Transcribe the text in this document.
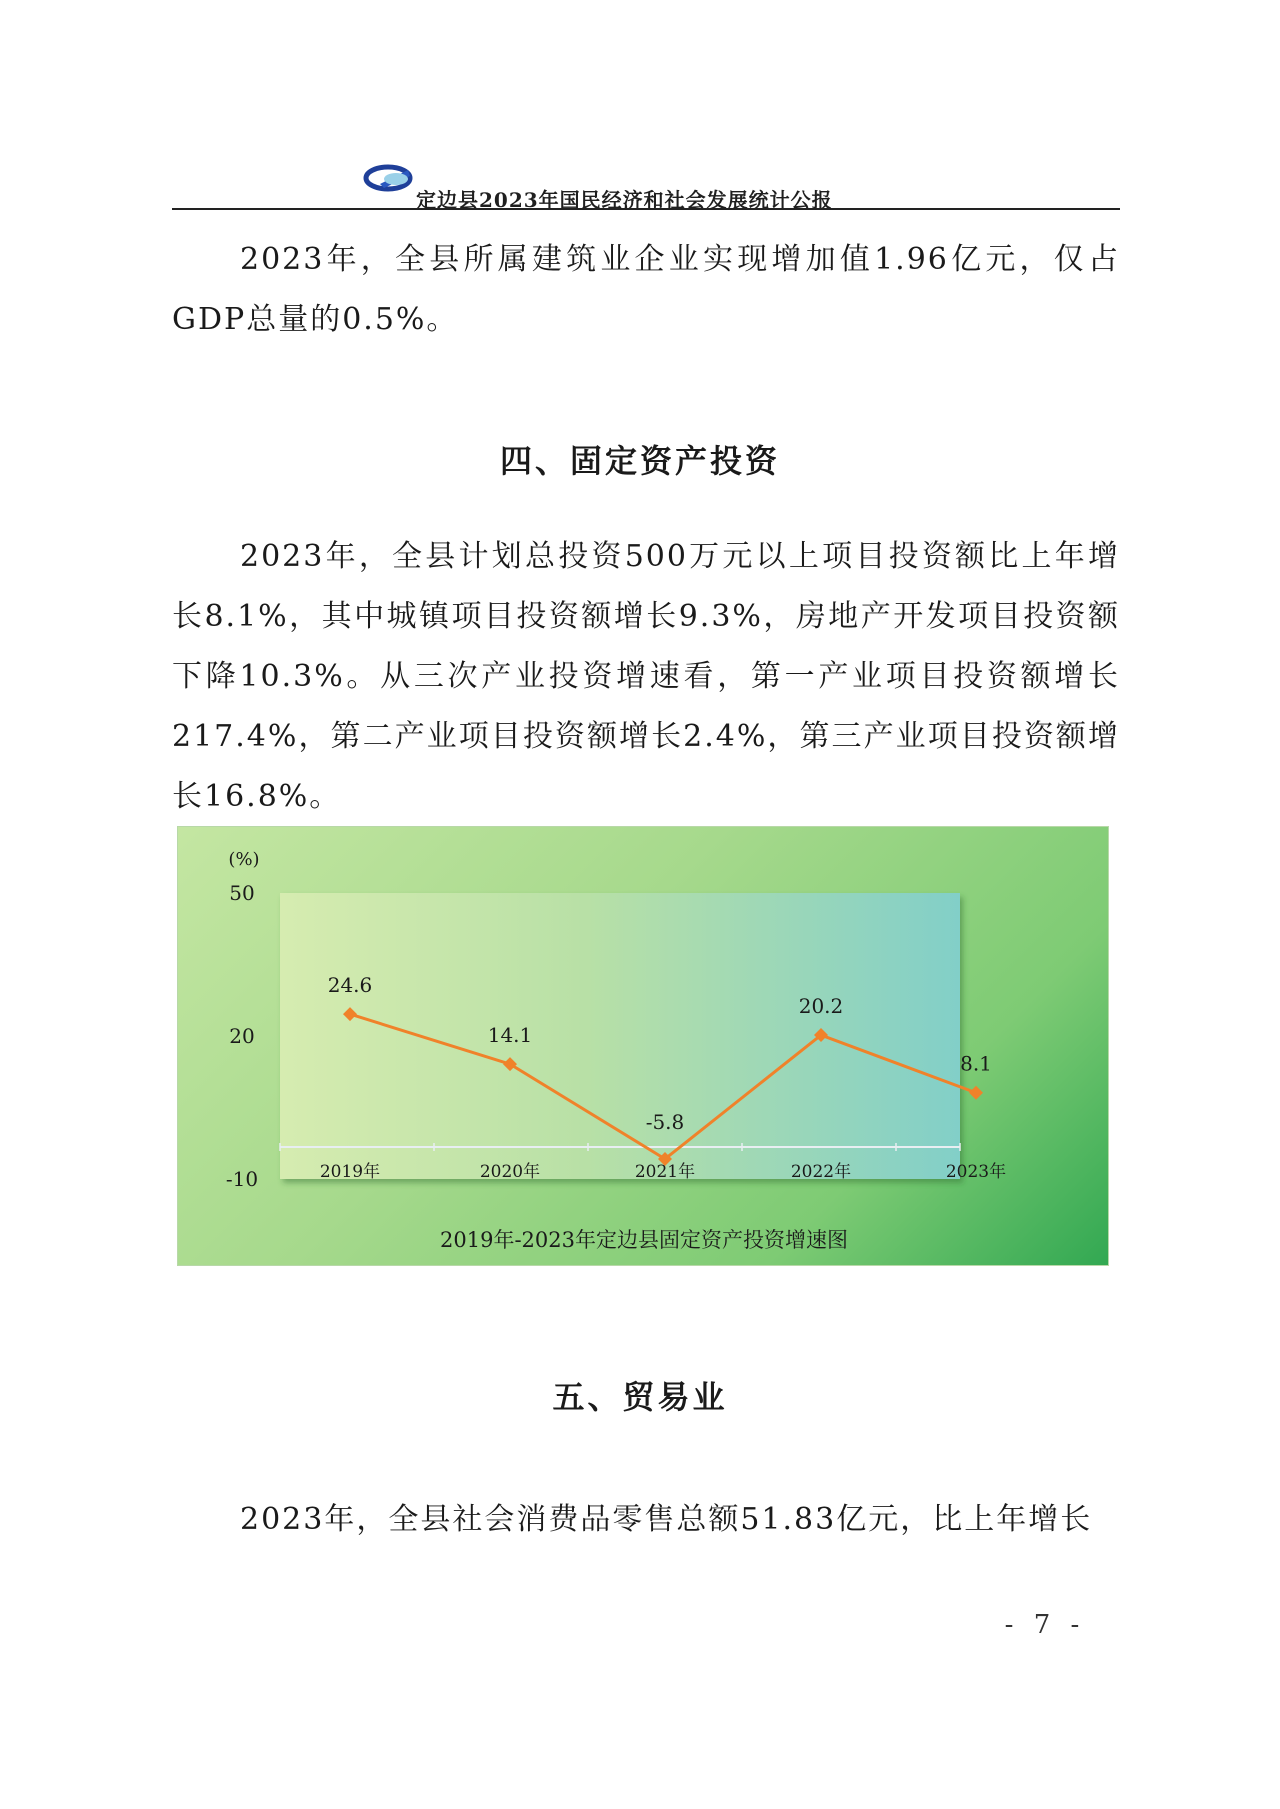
定边县2023年国民经济和社会发展统计公报

2023年，全县所属建筑业企业实现增加值1.96亿元，仅占GDP总量的0.5%。

四、固定资产投资

2023年，全县计划总投资500万元以上项目投资额比上年增长8.1%，其中城镇项目投资额增长9.3%，房地产开发项目投资额下降10.3%。从三次产业投资增速看，第一产业项目投资额增长217.4%，第二产业项目投资额增长2.4%，第三产业项目投资额增长16.8%。

(%)
50
20
-10
24.6
14.1
-5.8
20.2
8.1
2019年	2020年	2021年	2022年	2023年
2019年-2023年定边县固定资产投资增速图
五、贸易业

2023年，全县社会消费品零售总额51.83亿元，比上年增长

- 7 -
